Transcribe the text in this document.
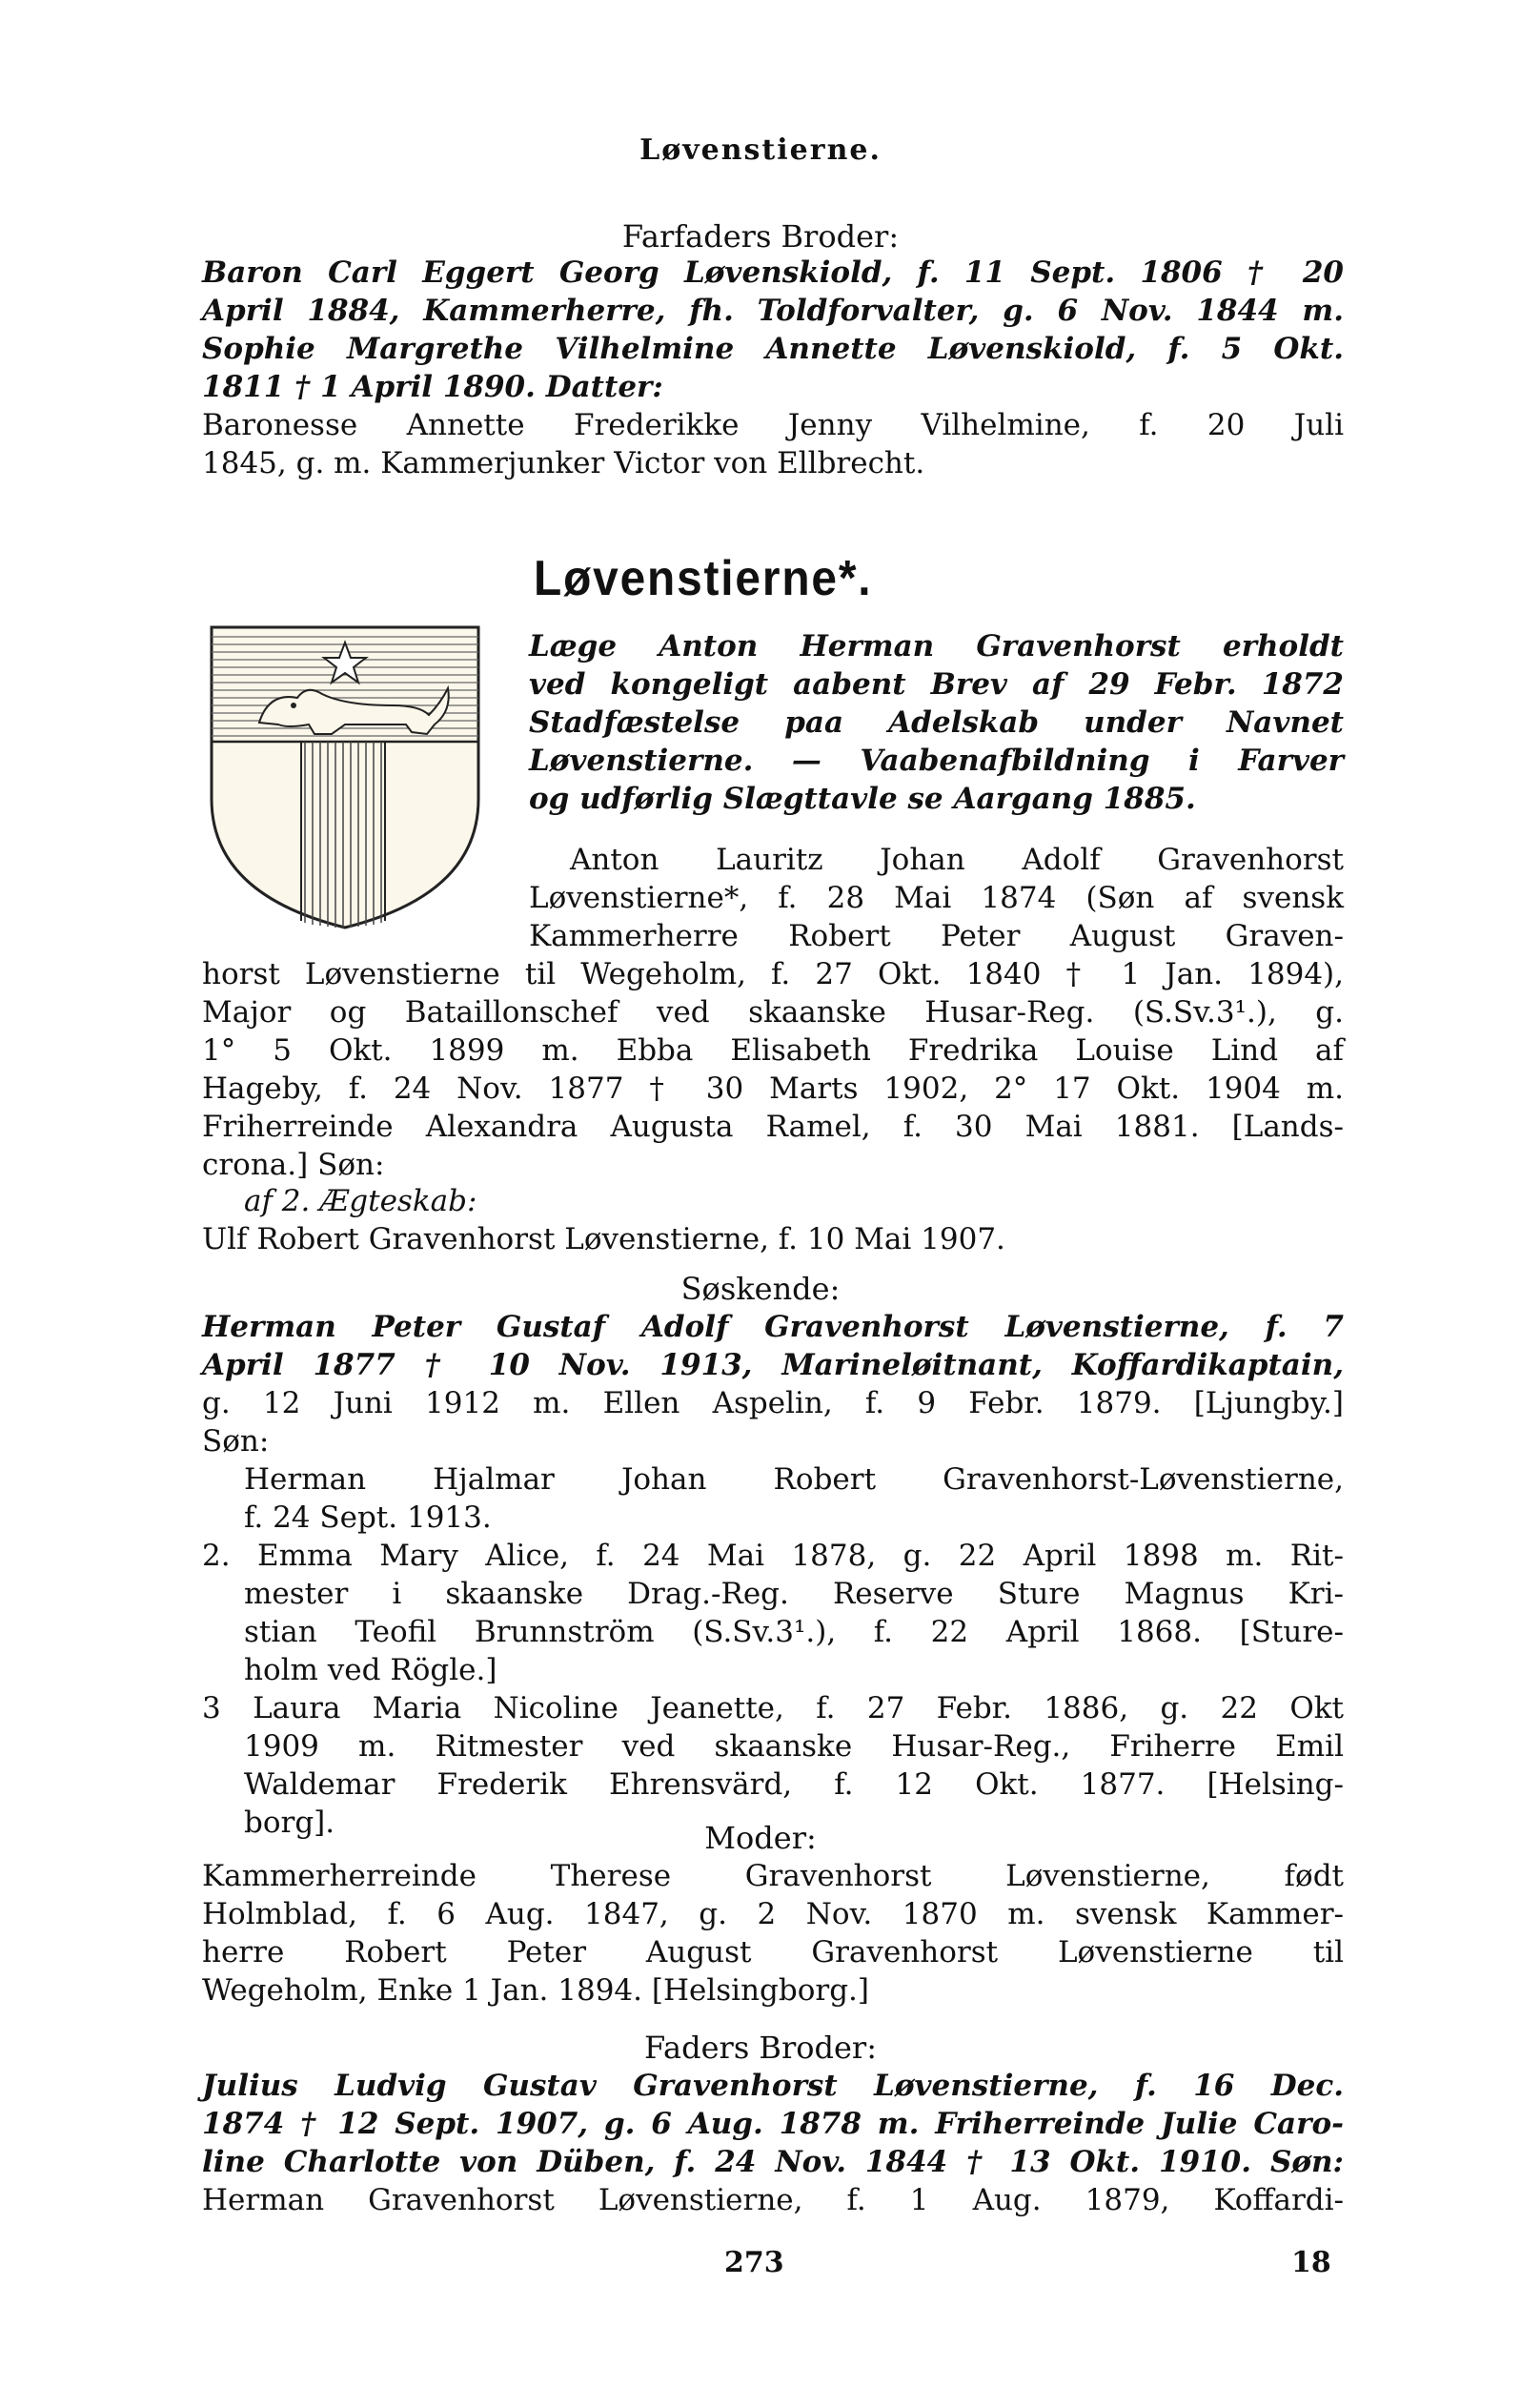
Løvenstierne.
Farfaders Broder:
Baron Carl Eggert Georg Løvenskiold, f. 11 Sept. 1806 † 20
April 1884, Kammerherre, fh. Toldforvalter, g. 6 Nov. 1844 m.
Sophie Margrethe Vilhelmine Annette Løvenskiold, f. 5 Okt.
1811 † 1 April 1890. Datter:
Baronesse Annette Frederikke Jenny Vilhelmine, f. 20 Juli
1845, g. m. Kammerjunker Victor von Ellbrecht.
Løvenstierne*.
Læge Anton Herman Gravenhorst erholdt
ved kongeligt aabent Brev af 29 Febr. 1872
Stadfæstelse paa Adelskab under Navnet
Løvenstierne. — Vaabenafbildning i Farver
og udførlig Slægttavle se Aargang 1885.
Anton Lauritz Johan Adolf Gravenhorst
Løvenstierne*, f. 28 Mai 1874 (Søn af svensk
Kammerherre Robert Peter August Graven-
horst Løvenstierne til Wegeholm, f. 27 Okt. 1840 † 1 Jan. 1894),
Major og Bataillonschef ved skaanske Husar-Reg. (S.Sv.3¹.), g.
1° 5 Okt. 1899 m. Ebba Elisabeth Fredrika Louise Lind af
Hageby, f. 24 Nov. 1877 † 30 Marts 1902, 2° 17 Okt. 1904 m.
Friherreinde Alexandra Augusta Ramel, f. 30 Mai 1881. [Lands-
crona.] Søn:
af 2. Ægteskab:
Ulf Robert Gravenhorst Løvenstierne, f. 10 Mai 1907.
Søskende:
Herman Peter Gustaf Adolf Gravenhorst Løvenstierne, f. 7
April 1877 † 10 Nov. 1913, Marineløitnant, Koffardikaptain,
g. 12 Juni 1912 m. Ellen Aspelin, f. 9 Febr. 1879. [Ljungby.]
Søn:
Herman Hjalmar Johan Robert Gravenhorst-Løvenstierne,
f. 24 Sept. 1913.
2. Emma Mary Alice, f. 24 Mai 1878, g. 22 April 1898 m. Rit-
mester i skaanske Drag.-Reg. Reserve Sture Magnus Kri-
stian Teofil Brunnström (S.Sv.3¹.), f. 22 April 1868. [Sture-
holm ved Rögle.]
3 Laura Maria Nicoline Jeanette, f. 27 Febr. 1886, g. 22 Okt
1909 m. Ritmester ved skaanske Husar-Reg., Friherre Emil
Waldemar Frederik Ehrensvärd, f. 12 Okt. 1877. [Helsing-
borg].	Moder:
Kammerherreinde Therese Gravenhorst Løvenstierne, født
Holmblad, f. 6 Aug. 1847, g. 2 Nov. 1870 m. svensk Kammer-
herre Robert Peter August Gravenhorst Løvenstierne til
Wegeholm, Enke 1 Jan. 1894. [Helsingborg.]
Faders Broder:
Julius Ludvig Gustav Gravenhorst Løvenstierne, f. 16 Dec.
1874 † 12 Sept. 1907, g. 6 Aug. 1878 m. Friherreinde Julie Caro-
line Charlotte von Düben, f. 24 Nov. 1844 † 13 Okt. 1910. Søn:
Herman Gravenhorst Løvenstierne, f. 1 Aug. 1879, Koffardi-
273	18
